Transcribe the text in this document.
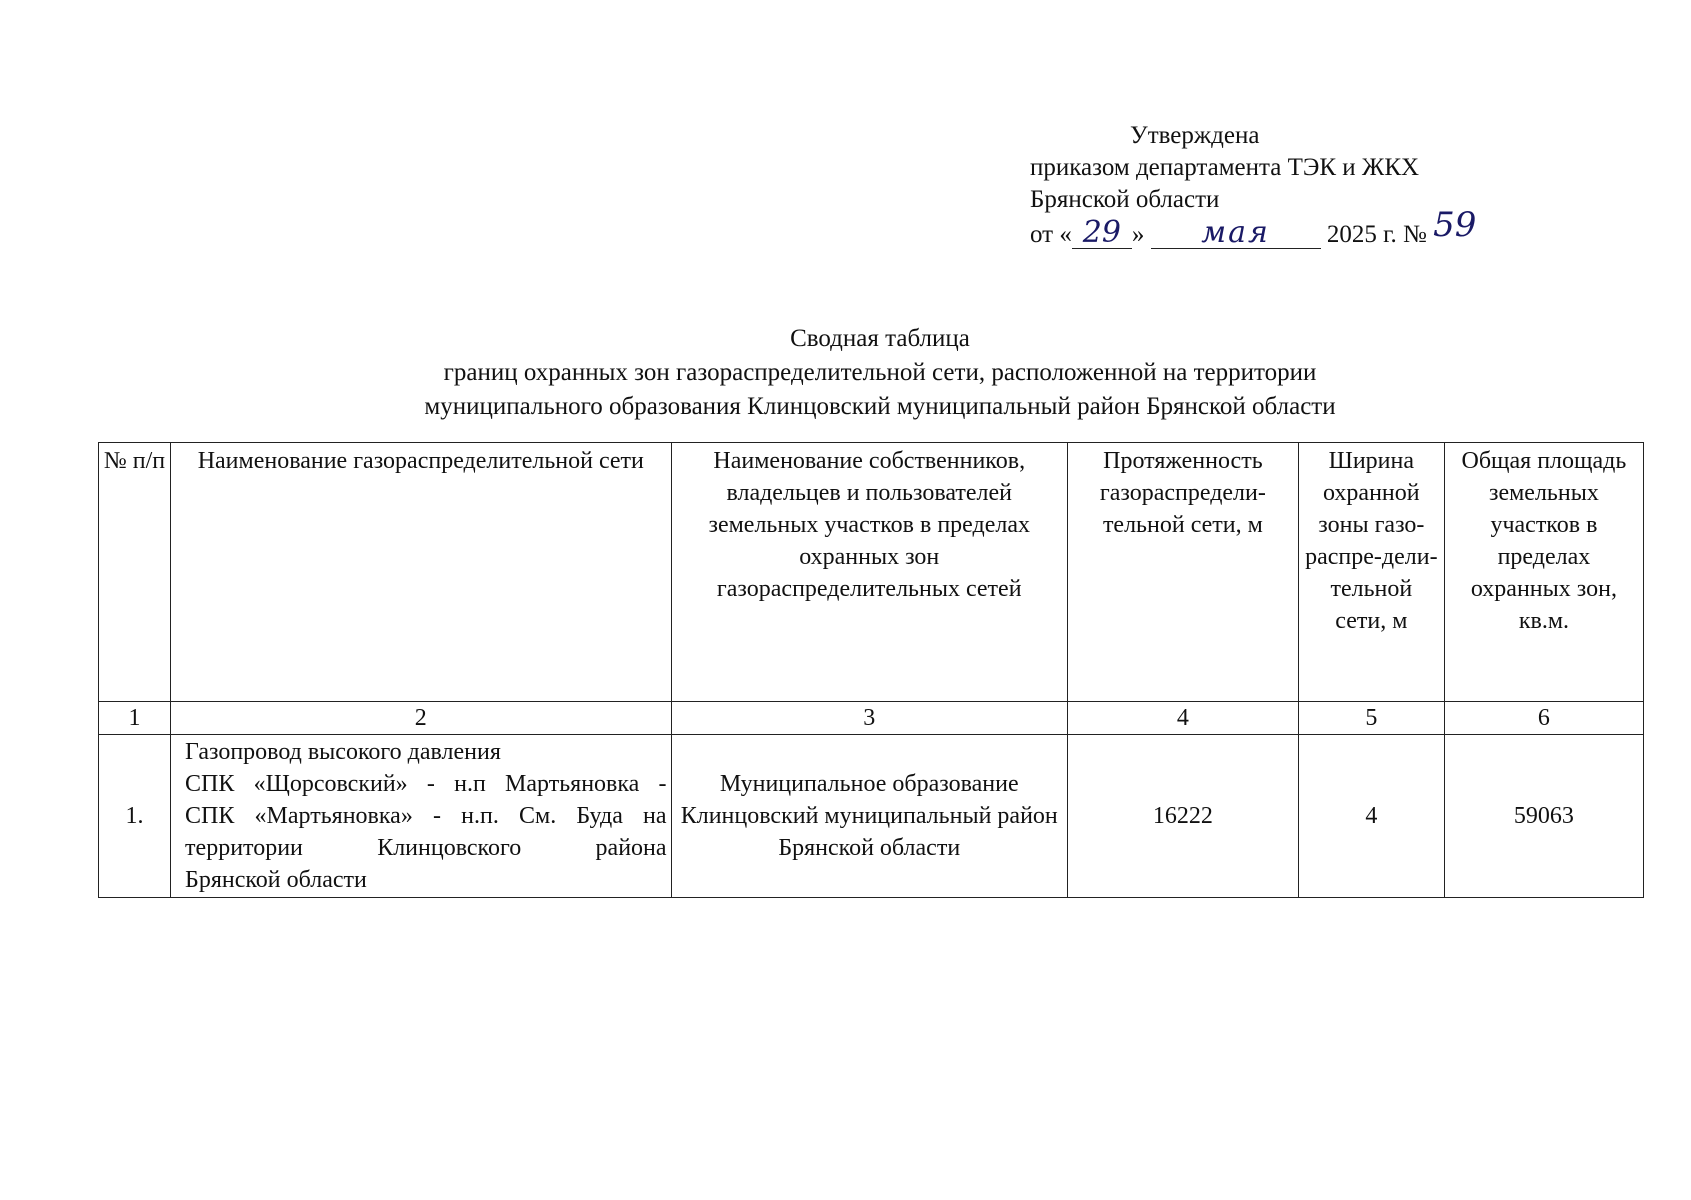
Утверждена
приказом департамента ТЭК и ЖКХ
Брянской области
от « 29 » мая 2025 г. № 59
Сводная таблица
границ охранных зон газораспределительной сети, расположенной на территории
муниципального образования Клинцовский муниципальный район Брянской области
№ п/п	Наименование газораспределительной сети	Наименование собственников, владельцев и пользователей земельных участков в пределах охранных зон газораспределительных сетей	Протяженность газораспредели-тельной сети, м	Ширина охранной зоны газо-распре-дели-тельной сети, м	Общая площадь земельных участков в пределах охранных зон, кв.м.
1	2	3	4	5	6
1.	Газопровод высокого давления
СПК «Щорсовский» - н.п Мартьяновка -
СПК «Мартьяновка» - н.п. См. Буда на
территории Клинцовского района
Брянской области	Муниципальное образование Клинцовский муниципальный район Брянской области	16222	4	59063
